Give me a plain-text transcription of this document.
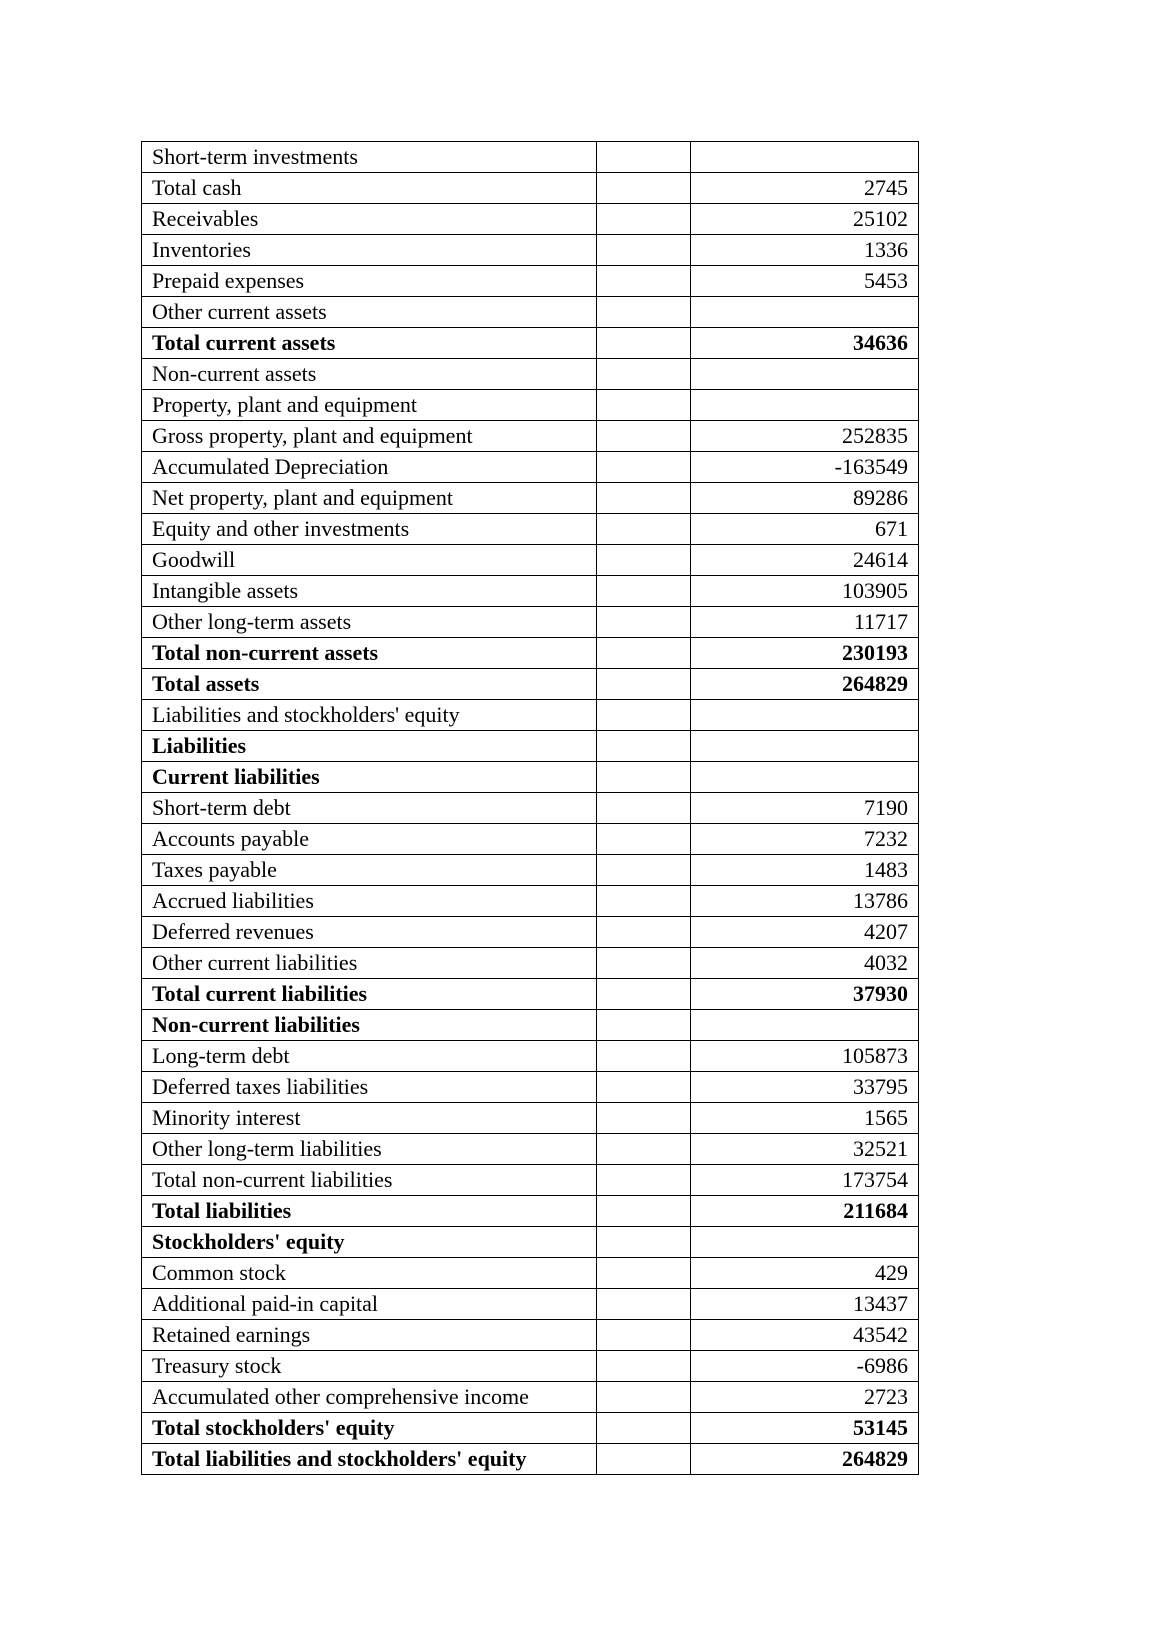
Short-term investments		
Total cash		2745
Receivables		25102
Inventories		1336
Prepaid expenses		5453
Other current assets		
Total current assets		34636
Non-current assets		
Property, plant and equipment		
Gross property, plant and equipment		252835
Accumulated Depreciation		-163549
Net property, plant and equipment		89286
Equity and other investments		671
Goodwill		24614
Intangible assets		103905
Other long-term assets		11717
Total non-current assets		230193
Total assets		264829
Liabilities and stockholders' equity		
Liabilities		
Current liabilities		
Short-term debt		7190
Accounts payable		7232
Taxes payable		1483
Accrued liabilities		13786
Deferred revenues		4207
Other current liabilities		4032
Total current liabilities		37930
Non-current liabilities		
Long-term debt		105873
Deferred taxes liabilities		33795
Minority interest		1565
Other long-term liabilities		32521
Total non-current liabilities		173754
Total liabilities		211684
Stockholders' equity		
Common stock		429
Additional paid-in capital		13437
Retained earnings		43542
Treasury stock		-6986
Accumulated other comprehensive income		2723
Total stockholders' equity		53145
Total liabilities and stockholders' equity		264829
